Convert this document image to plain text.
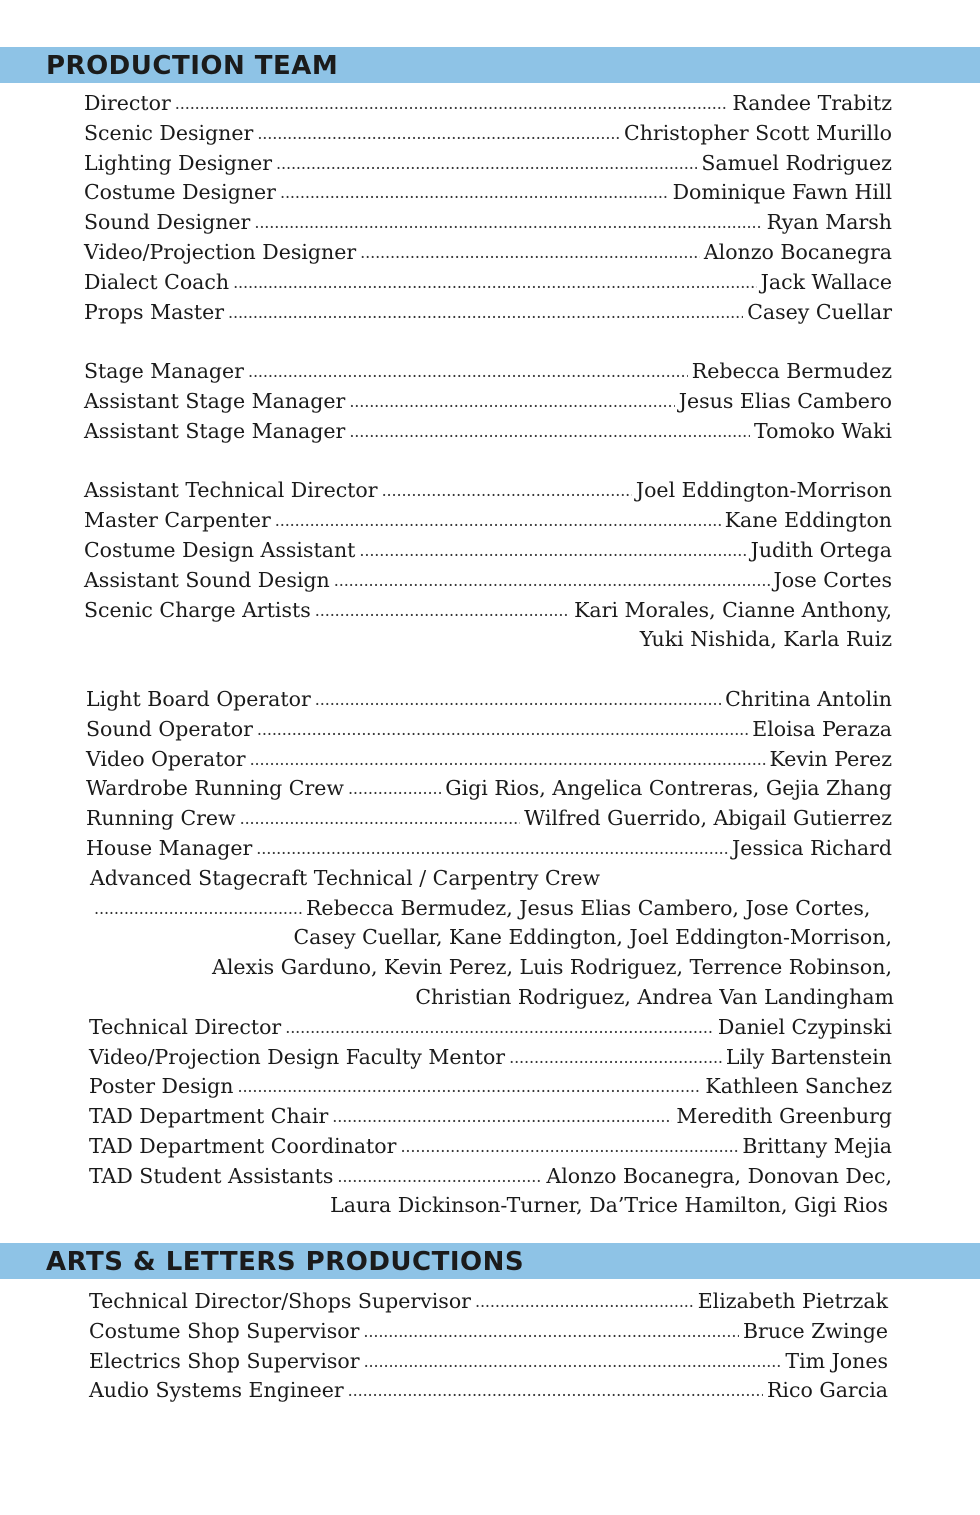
PRODUCTION TEAM
Director . . .	Randee Trabitz
Scenic Designer . . .	Christopher Scott Murillo
Lighting Designer . . .	Samuel Rodriguez
Costume Designer . . .	Dominique Fawn Hill
Sound Designer . . .	Ryan Marsh
Video/Projection Designer . . .	Alonzo Bocanegra
Dialect Coach . . .	Jack Wallace
Props Master . . .	Casey Cuellar
Stage Manager . . .	Rebecca Bermudez
Assistant Stage Manager . . .	Jesus Elias Cambero
Assistant Stage Manager . . .	Tomoko Waki
Assistant Technical Director . . .	Joel Eddington-Morrison
Master Carpenter . . .	Kane Eddington
Costume Design Assistant . . .	Judith Ortega
Assistant Sound Design . . .	Jose Cortes
Scenic Charge Artists . . .	Kari Morales, Cianne Anthony,
Yuki Nishida, Karla Ruiz
Light Board Operator . . .	Chritina Antolin
Sound Operator . . .	Eloisa Peraza
Video Operator . . .	Kevin Perez
Wardrobe Running Crew . . .	Gigi Rios, Angelica Contreras, Gejia Zhang
Running Crew . . .	Wilfred Guerrido, Abigail Gutierrez
House Manager . . .	Jessica Richard
Advanced Stagecraft Technical / Carpentry Crew
. . .
Rebecca Bermudez, Jesus Elias Cambero, Jose Cortes,
Casey Cuellar, Kane Eddington, Joel Eddington-Morrison,
Alexis Garduno, Kevin Perez, Luis Rodriguez, Terrence Robinson,
Christian Rodriguez, Andrea Van Landingham
Technical Director . . .	Daniel Czypinski
Video/Projection Design Faculty Mentor . . .	Lily Bartenstein
Poster Design . . .	Kathleen Sanchez
TAD Department Chair . . .	Meredith Greenburg
TAD Department Coordinator . . .	Brittany Mejia
TAD Student Assistants . . .	Alonzo Bocanegra, Donovan Dec,
Laura Dickinson-Turner, Da’Trice Hamilton, Gigi Rios
ARTS & LETTERS PRODUCTIONS
Technical Director/Shops Supervisor . . .	Elizabeth Pietrzak
Costume Shop Supervisor . . .	Bruce Zwinge
Electrics Shop Supervisor . . .	Tim Jones
Audio Systems Engineer . . .	Rico Garcia
